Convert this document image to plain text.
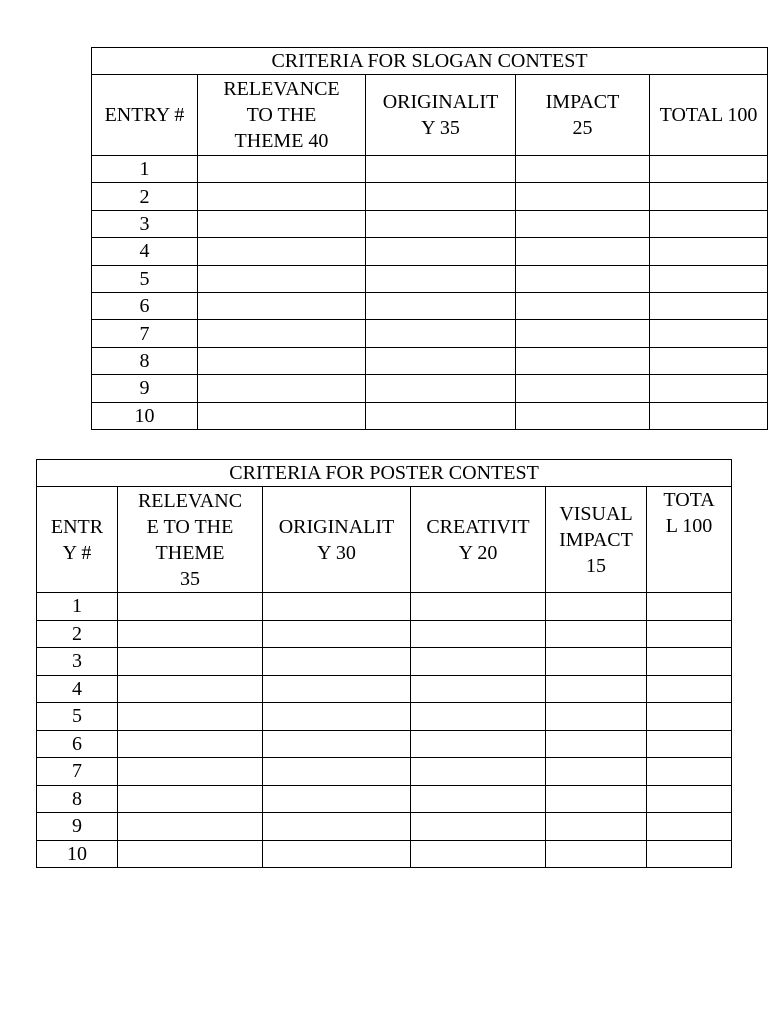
CRITERIA FOR SLOGAN CONTEST				

ENTRY #	RELEVANCE
TO THE
THEME 40	ORIGINALIT
Y 35	IMPACT
25	TOTAL 100

1				
2				
3				
4				
5				
6				
7				
8				
9				
10				
CRITERIA FOR POSTER CONTEST					

ENTR
Y #	RELEVANC
E TO THE
THEME
35	ORIGINALIT
Y 30	CREATIVIT
Y 20	VISUAL
IMPACT
15	TOTA
L 100

1					
2					
3					
4					
5					
6					
7					
8					
9					
10					
